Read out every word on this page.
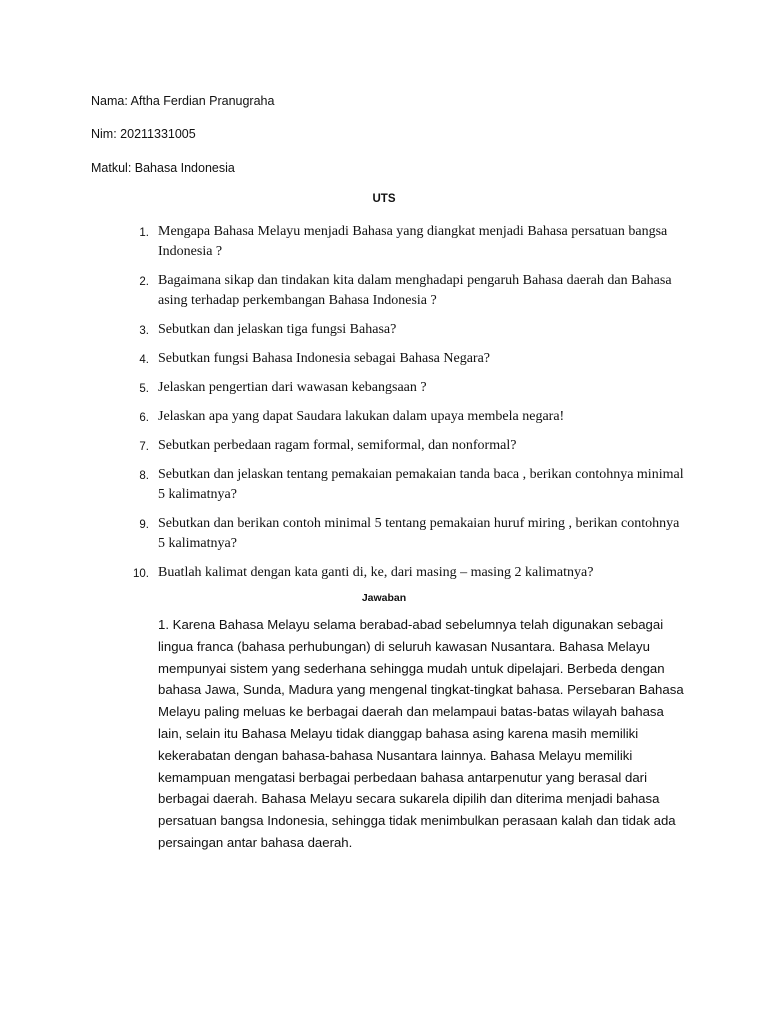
Nama: Aftha Ferdian Pranugraha
Nim: 20211331005
Matkul: Bahasa Indonesia
UTS
1. Mengapa Bahasa Melayu menjadi Bahasa yang diangkat menjadi Bahasa persatuan bangsa Indonesia ?
2. Bagaimana sikap dan tindakan kita dalam menghadapi pengaruh Bahasa daerah dan Bahasa asing terhadap perkembangan Bahasa Indonesia ?
3. Sebutkan dan jelaskan tiga fungsi Bahasa?
4. Sebutkan fungsi Bahasa Indonesia sebagai Bahasa Negara?
5. Jelaskan pengertian dari wawasan kebangsaan ?
6. Jelaskan apa yang dapat Saudara lakukan dalam upaya membela negara!
7. Sebutkan perbedaan ragam formal, semiformal, dan nonformal?
8. Sebutkan dan jelaskan tentang pemakaian pemakaian tanda baca , berikan contohnya minimal 5 kalimatnya?
9. Sebutkan dan berikan contoh minimal 5 tentang pemakaian huruf miring , berikan contohnya 5 kalimatnya?
10. Buatlah kalimat dengan kata ganti di, ke, dari masing – masing 2 kalimatnya?
Jawaban

1. Karena Bahasa Melayu selama berabad-abad sebelumnya telah digunakan sebagai lingua franca (bahasa perhubungan) di seluruh kawasan Nusantara. Bahasa Melayu mempunyai sistem yang sederhana sehingga mudah untuk dipelajari. Berbeda dengan bahasa Jawa, Sunda, Madura yang mengenal tingkat-tingkat bahasa. Persebaran Bahasa Melayu paling meluas ke berbagai daerah dan melampaui batas-batas wilayah bahasa lain, selain itu Bahasa Melayu tidak dianggap bahasa asing karena masih memiliki kekerabatan dengan bahasa-bahasa Nusantara lainnya. Bahasa Melayu memiliki kemampuan mengatasi berbagai perbedaan bahasa antarpenutur yang berasal dari berbagai daerah. Bahasa Melayu secara sukarela dipilih dan diterima menjadi bahasa persatuan bangsa Indonesia, sehingga tidak menimbulkan perasaan kalah dan tidak ada persaingan antar bahasa daerah.
